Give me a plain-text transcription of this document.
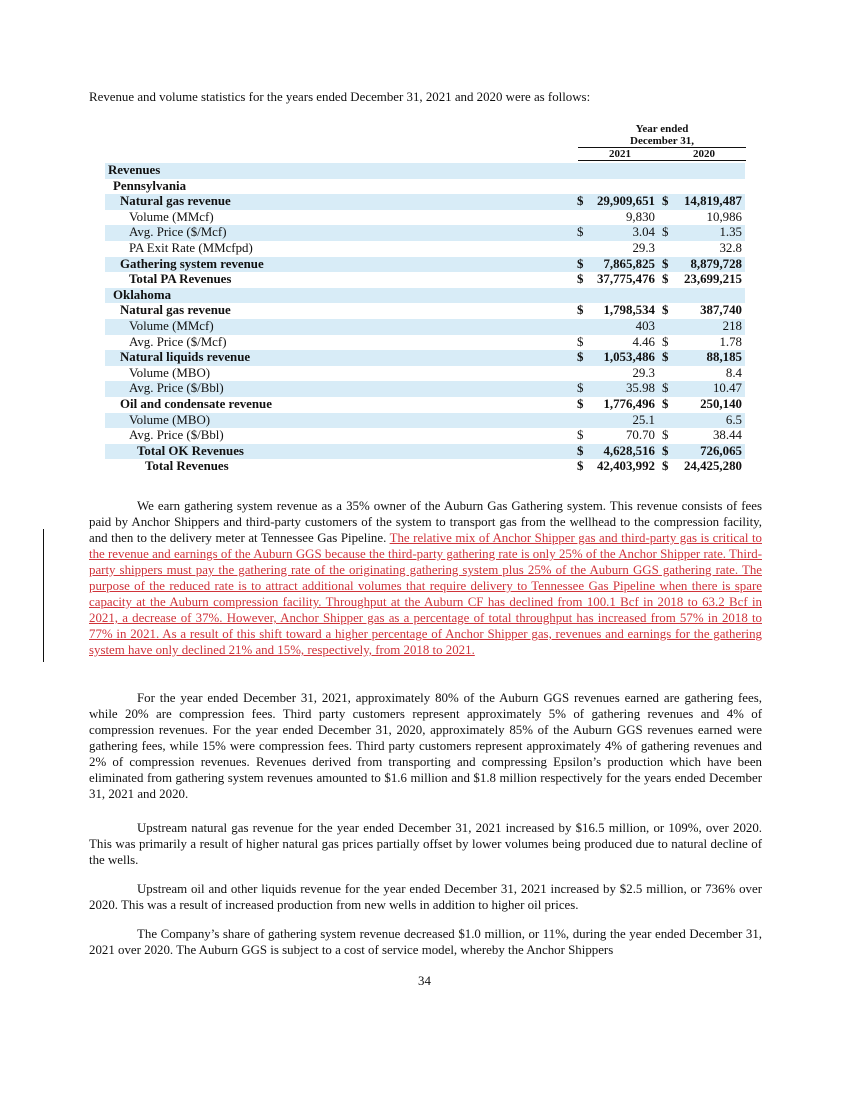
Revenue and volume statistics for the years ended December 31, 2021 and 2020 were as follows:
Year ended
December 31,
2021	2020
Revenues
Pennsylvania
Natural gas revenue	$	29,909,651 $	14,819,487
Volume (MMcf)	9,830	10,986
Avg. Price ($/Mcf)	$	3.04 $	1.35
PA Exit Rate (MMcfpd)	29.3	32.8
Gathering system revenue	$	7,865,825 $	8,879,728
Total PA Revenues	$	37,775,476 $	23,699,215
Oklahoma
Natural gas revenue	$	1,798,534 $	387,740
Volume (MMcf)	403	218
Avg. Price ($/Mcf)	$	4.46 $	1.78
Natural liquids revenue	$	1,053,486 $	88,185
Volume (MBO)	29.3	8.4
Avg. Price ($/Bbl)	$	35.98 $	10.47
Oil and condensate revenue	$	1,776,496 $	250,140
Volume (MBO)	25.1	6.5
Avg. Price ($/Bbl)	$	70.70 $	38.44
Total OK Revenues	$	4,628,516 $	726,065
Total Revenues	$	42,403,992 $	24,425,280
We earn gathering system revenue as a 35% owner of the Auburn Gas Gathering system. This revenue consists of fees paid by Anchor Shippers and third-party customers of the system to transport gas from the wellhead to the compression facility, and then to the delivery meter at Tennessee Gas Pipeline. The relative mix of Anchor Shipper gas and third-party gas is critical to the revenue and earnings of the Auburn GGS because the third-party gathering rate is only 25% of the Anchor Shipper rate. Third-party shippers must pay the gathering rate of the originating gathering system plus 25% of the Auburn GGS gathering rate. The purpose of the reduced rate is to attract additional volumes that require delivery to Tennessee Gas Pipeline when there is spare capacity at the Auburn compression facility. Throughput at the Auburn CF has declined from 100.1 Bcf in 2018 to 63.2 Bcf in 2021, a decrease of 37%. However, Anchor Shipper gas as a percentage of total throughput has increased from 57% in 2018 to 77% in 2021. As a result of this shift toward a higher percentage of Anchor Shipper gas, revenues and earnings for the gathering system have only declined 21% and 15%, respectively, from 2018 to 2021.
For the year ended December 31, 2021, approximately 80% of the Auburn GGS revenues earned are gathering fees, while 20% are compression fees. Third party customers represent approximately 5% of gathering revenues and 4% of compression revenues. For the year ended December 31, 2020, approximately 85% of the Auburn GGS revenues earned were gathering fees, while 15% were compression fees. Third party customers represent approximately 4% of gathering revenues and 2% of compression revenues. Revenues derived from transporting and compressing Epsilon’s production which have been eliminated from gathering system revenues amounted to $1.6 million and $1.8 million respectively for the years ended December 31, 2021 and 2020.
Upstream natural gas revenue for the year ended December 31, 2021 increased by $16.5 million, or 109%, over 2020. This was primarily a result of higher natural gas prices partially offset by lower volumes being produced due to natural decline of the wells.
Upstream oil and other liquids revenue for the year ended December 31, 2021 increased by $2.5 million, or 736% over 2020. This was a result of increased production from new wells in addition to higher oil prices.
The Company’s share of gathering system revenue decreased $1.0 million, or 11%, during the year ended December 31, 2021 over 2020. The Auburn GGS is subject to a cost of service model, whereby the Anchor Shippers
34
